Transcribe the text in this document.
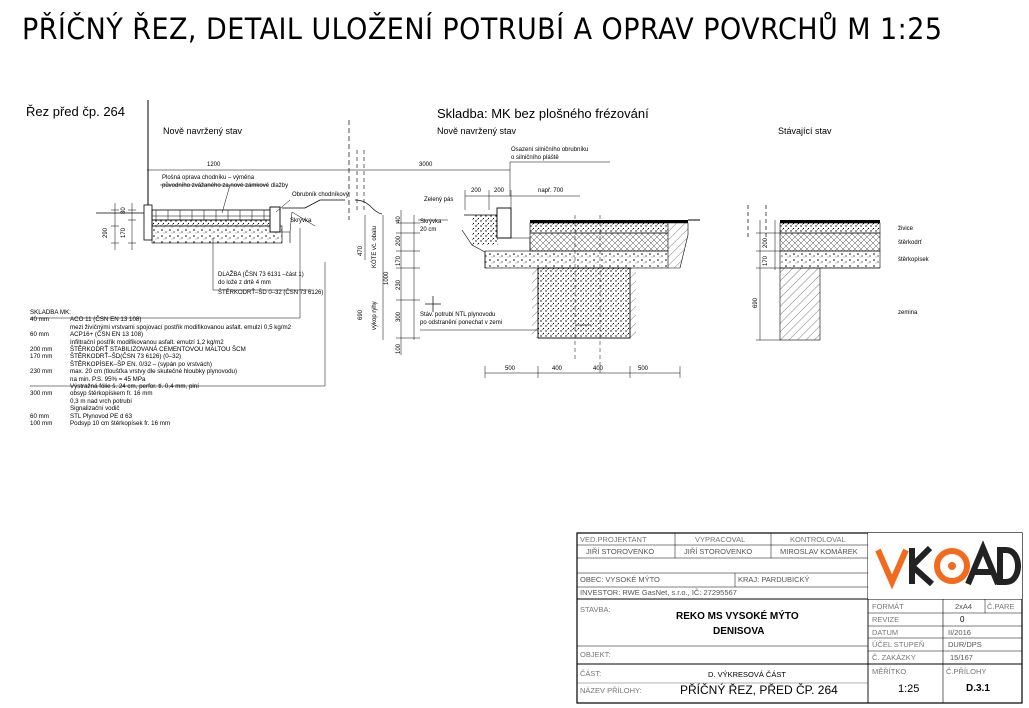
PŘÍČNÝ ŘEZ, DETAIL ULOŽENÍ POTRUBÍ A OPRAV POVRCHŮ M 1:25
Řez před čp. 264
Nově navržený stav
1200	3000
Plošná oprava chodníku – výměna
původního zvážaného za nové zámkové dlažby
Obrubník chodníkový
Skrývka
80
170
290
DLAŽBA (ČSN 73 6131 –část 1)
do lože z drtě 4 mm
ŠTĚRKODRŤ–ŠD 0–32 (ČSN 73 6126)
Skladba: MK bez plošného frézování
Nově navržený stav
Osazení silničního obrubníku
o silničního pláště
200 200	např. 700
Zelený pás
Skrývka
20 cm
KÓTE vč. obalu
výkop rýhy
470
1000
690
40
200
170
230
300
100
Stáv. potrubí NTL plynovodu
po odstranění ponechat v zemi
500	400	400	500
Stávající stav
200
170
690
živice
štěrkodrť
štěrkopísek
zemina
SKLADBA MK:
40 mm	ACO 11 (ČSN EN 13 108)
mezi živičnými vrstvami spojovací postřik modifikovanou asfalt. emulzí 0,5 kg/m2
60 mm	ACP16+ (ČSN EN 13 108)
Infiltrační postřik modifikovanou asfalt. emulzí 1,2 kg/m2
200 mm	ŠTĚRKODRŤ STABILIZOVANÁ CEMENTOVOU MALTOU ŠCM
170 mm	ŠTĚRKODRŤ–ŠD(ČSN 73 6126) (0–32)
ŠTĚRKOPÍSEK–ŠP EN. 0/32 – (sypán po vrstvách)
230 mm	max. 20 cm (tloušťka vrstvy dle skutečné hloubky plynovodu)
na min. P.S. 95% = 45 MPa
Výstražná fólie š. 24 cm, perfor. tl. 0,4 mm, plní
300 mm	obsyp štěrkopískem fr. 16 mm
0,3 m nad vrch potrubí
Signalizační vodič
60 mm	STL Plynovod PE d 63
100 mm	Podsyp 10 cm štěrkopísek fr. 16 mm
VED.PROJEKTANT	VYPRACOVAL	KONTROLOVAL
JIŘÍ STOROVENKO	JIŘÍ STOROVENKO	MIROSLAV KOMÁREK
OBEC: VYSOKÉ MÝTO	KRAJ: PARDUBICKÝ
INVESTOR: RWE GasNet, s.r.o., IČ: 27295567
STAVBA:
REKO MS VYSOKÉ MÝTO
DENISOVA
OBJEKT:
ČÁST:	D. VÝKRESOVÁ ČÁST
NÁZEV PŘÍLOHY:	PŘÍČNÝ ŘEZ, PŘED ČP. 264
FORMÁT	2xA4 Č.PARE
REVIZE	0
DATUM	II/2016
ÚČEL STUPEŇ	DUR/DPS
Č. ZAKÁZKY	15/167
MĚŘÍTKO
1:25
Č.PŘÍLOHY
D.3.1
